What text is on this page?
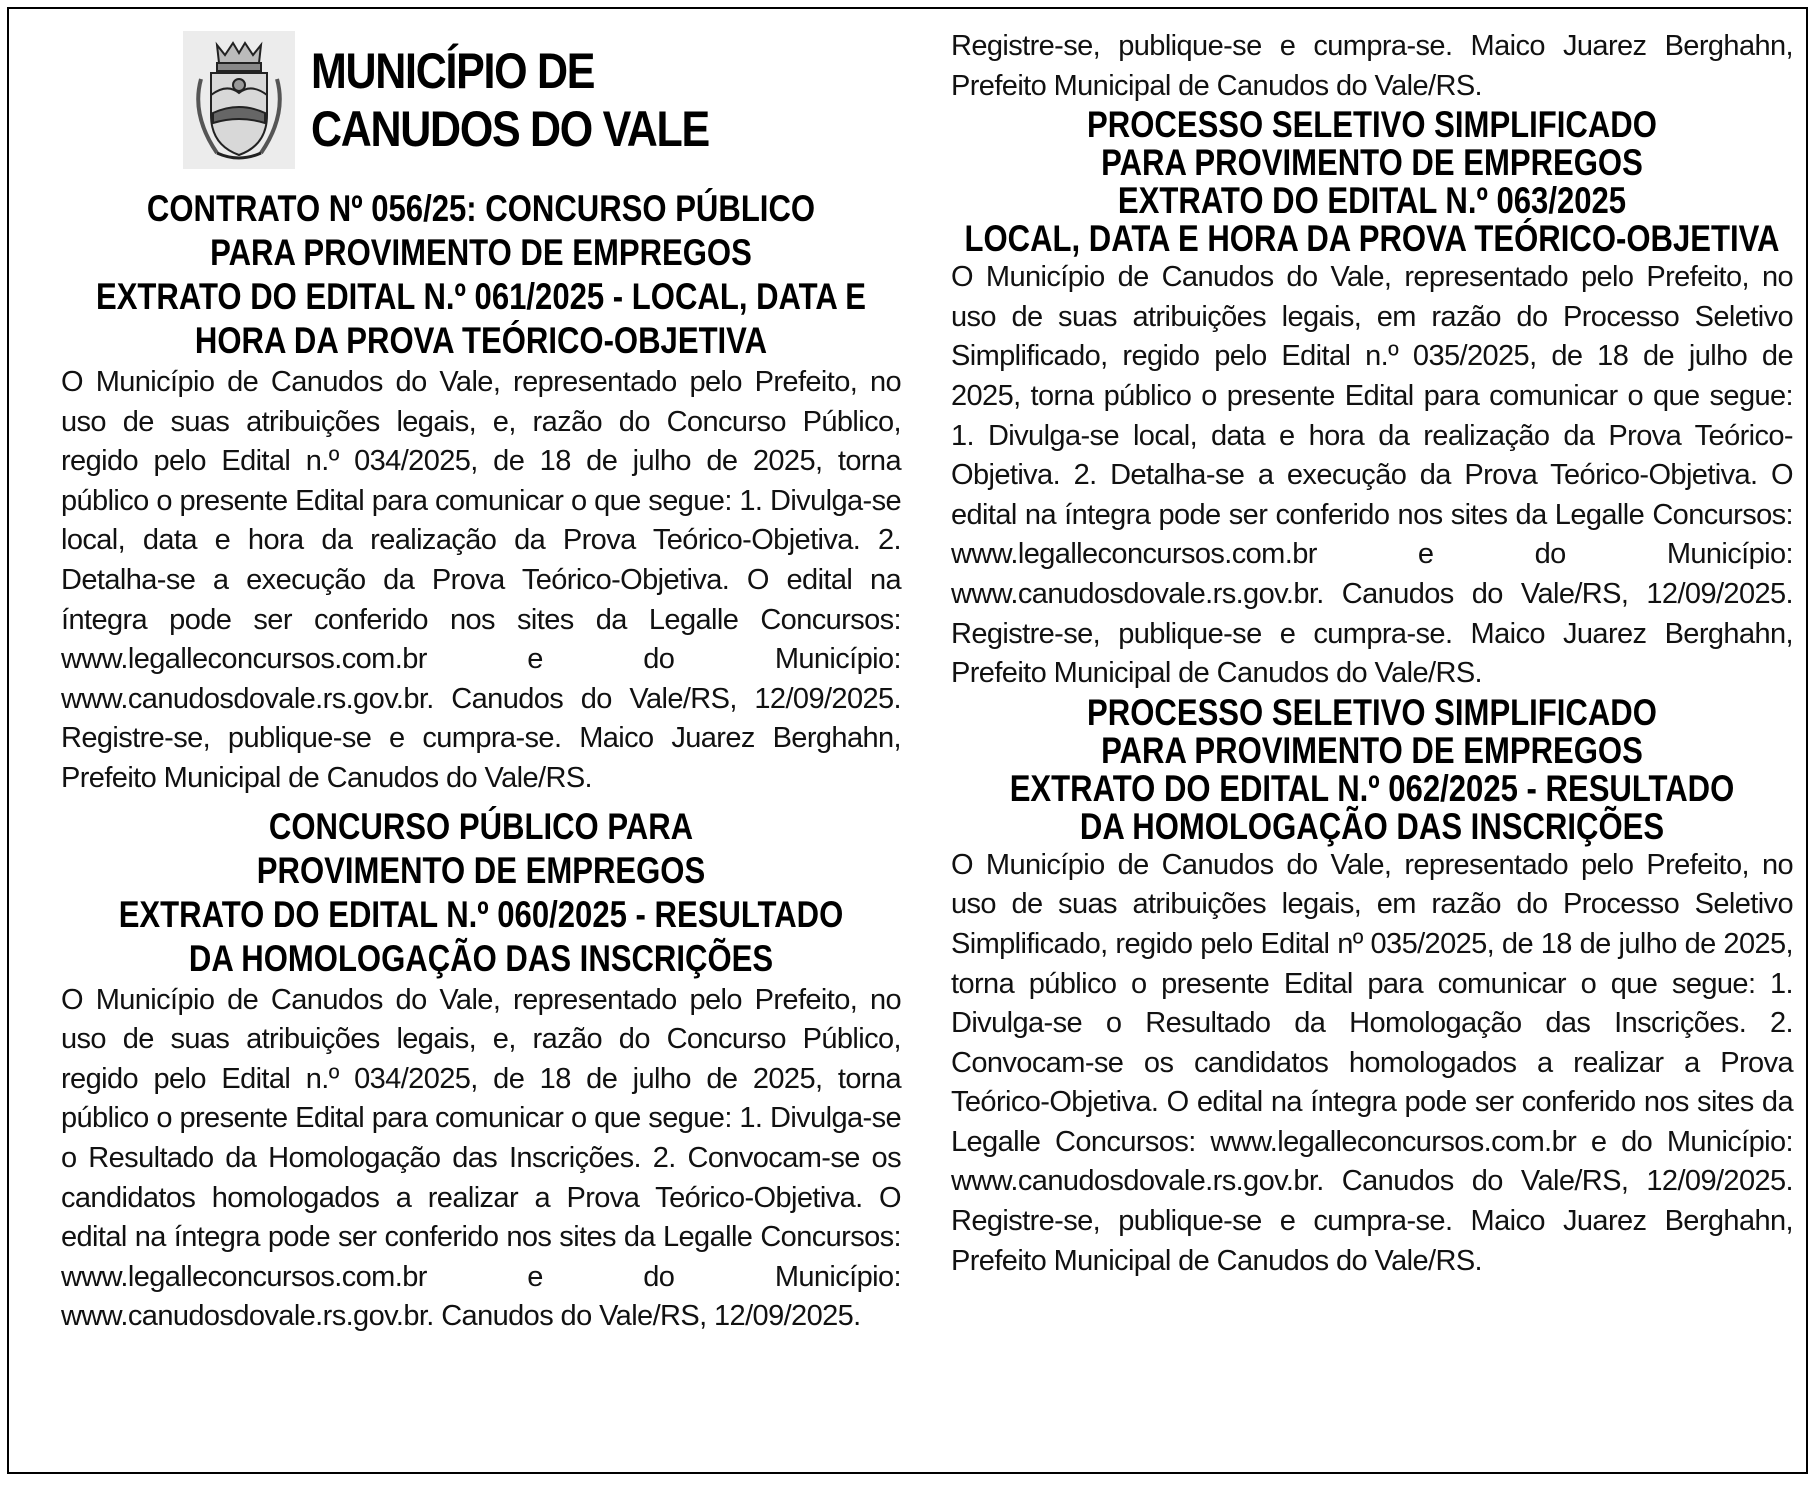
MUNICÍPIO DE
CANUDOS DO VALE
CONTRATO Nº 056/25: CONCURSO PÚBLICO
PARA PROVIMENTO DE EMPREGOS
EXTRATO DO EDITAL N.º 061/2025 - LOCAL, DATA E
HORA DA PROVA TEÓRICO-OBJETIVA

O Município de Canudos do Vale, representado pelo Prefeito, no uso de suas atribuições legais, e, razão do Concurso Público, regido pelo Edital n.º 034/2025, de 18 de julho de 2025, torna público o presente Edital para comunicar o que segue: 1. Divulga-se local, data e hora da realização da Prova Teórico-Objetiva. 2. Detalha-se a execução da Prova Teórico-Objetiva. O edital na íntegra pode ser conferido nos sites da Legalle Concursos: www.legalleconcursos.com.br e do Município: www.canudosdovale.rs.gov.br. Canudos do Vale/RS, 12/09/2025. Registre-se, publique-se e cumpra-se. Maico Juarez Berghahn, Prefeito Municipal de Canudos do Vale/RS.

CONCURSO PÚBLICO PARA
PROVIMENTO DE EMPREGOS
EXTRATO DO EDITAL N.º 060/2025 - RESULTADO
DA HOMOLOGAÇÃO DAS INSCRIÇÕES

O Município de Canudos do Vale, representado pelo Prefeito, no uso de suas atribuições legais, e, razão do Concurso Público, regido pelo Edital n.º 034/2025, de 18 de julho de 2025, torna público o presente Edital para comunicar o que segue: 1. Divulga-se o Resultado da Homologação das Inscrições. 2. Convocam-se os candidatos homologados a realizar a Prova Teórico-Objetiva. O edital na íntegra pode ser conferido nos sites da Legalle Concursos: www.legalleconcursos.com.br e do Município: www.canudosdovale.rs.gov.br. Canudos do Vale/RS, 12/09/2025.

Registre-se, publique-se e cumpra-se. Maico Juarez Berghahn, Prefeito Municipal de Canudos do Vale/RS.

PROCESSO SELETIVO SIMPLIFICADO
PARA PROVIMENTO DE EMPREGOS
EXTRATO DO EDITAL N.º 063/2025
LOCAL, DATA E HORA DA PROVA TEÓRICO-OBJETIVA

O Município de Canudos do Vale, representado pelo Prefeito, no uso de suas atribuições legais, em razão do Processo Seletivo Simplificado, regido pelo Edital n.º 035/2025, de 18 de julho de 2025, torna público o presente Edital para comunicar o que segue: 1. Divulga-se local, data e hora da realização da Prova Teórico-Objetiva. 2. Detalha-se a execução da Prova Teórico-Objetiva. O edital na íntegra pode ser conferido nos sites da Legalle Concursos: www.legalleconcursos.com.br e do Município: www.canudosdovale.rs.gov.br. Canudos do Vale/RS, 12/09/2025. Registre-se, publique-se e cumpra-se. Maico Juarez Berghahn, Prefeito Municipal de Canudos do Vale/RS.

PROCESSO SELETIVO SIMPLIFICADO
PARA PROVIMENTO DE EMPREGOS
EXTRATO DO EDITAL N.º 062/2025 - RESULTADO
DA HOMOLOGAÇÃO DAS INSCRIÇÕES

O Município de Canudos do Vale, representado pelo Prefeito, no uso de suas atribuições legais, em razão do Processo Seletivo Simplificado, regido pelo Edital nº 035/2025, de 18 de julho de 2025, torna público o presente Edital para comunicar o que segue: 1. Divulga-se o Resultado da Homologação das Inscrições. 2. Convocam-se os candidatos homologados a realizar a Prova Teórico-Objetiva. O edital na íntegra pode ser conferido nos sites da Legalle Concursos: www.legalleconcursos.com.br e do Município: www.canudosdovale.rs.gov.br. Canudos do Vale/RS, 12/09/2025. Registre-se, publique-se e cumpra-se. Maico Juarez Berghahn, Prefeito Municipal de Canudos do Vale/RS.
